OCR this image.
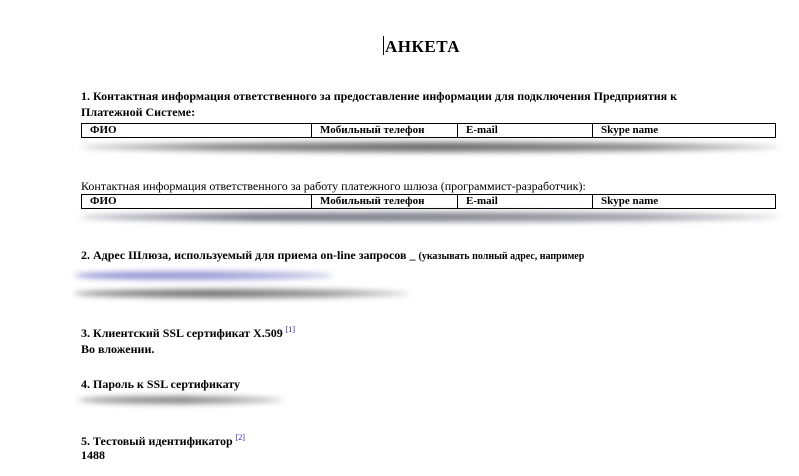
АНКЕТА
1. Контактная информация ответственного за предоставление информации для подключения Предприятия к
Платежной Системе:
ФИО	Мобильный телефон	E-mail	Skype name
Контактная информация ответственного за работу платежного шлюза (программист-разработчик):
ФИО	Мобильный телефон	E-mail	Skype name
2. Адрес Шлюза, используемый для приема on-line запросов _ (указывать полный адрес, например
3. Клиентский SSL сертификат X.509 [1]
Во вложении.
4. Пароль к SSL сертификату
5. Тестовый идентификатор [2]
1488
